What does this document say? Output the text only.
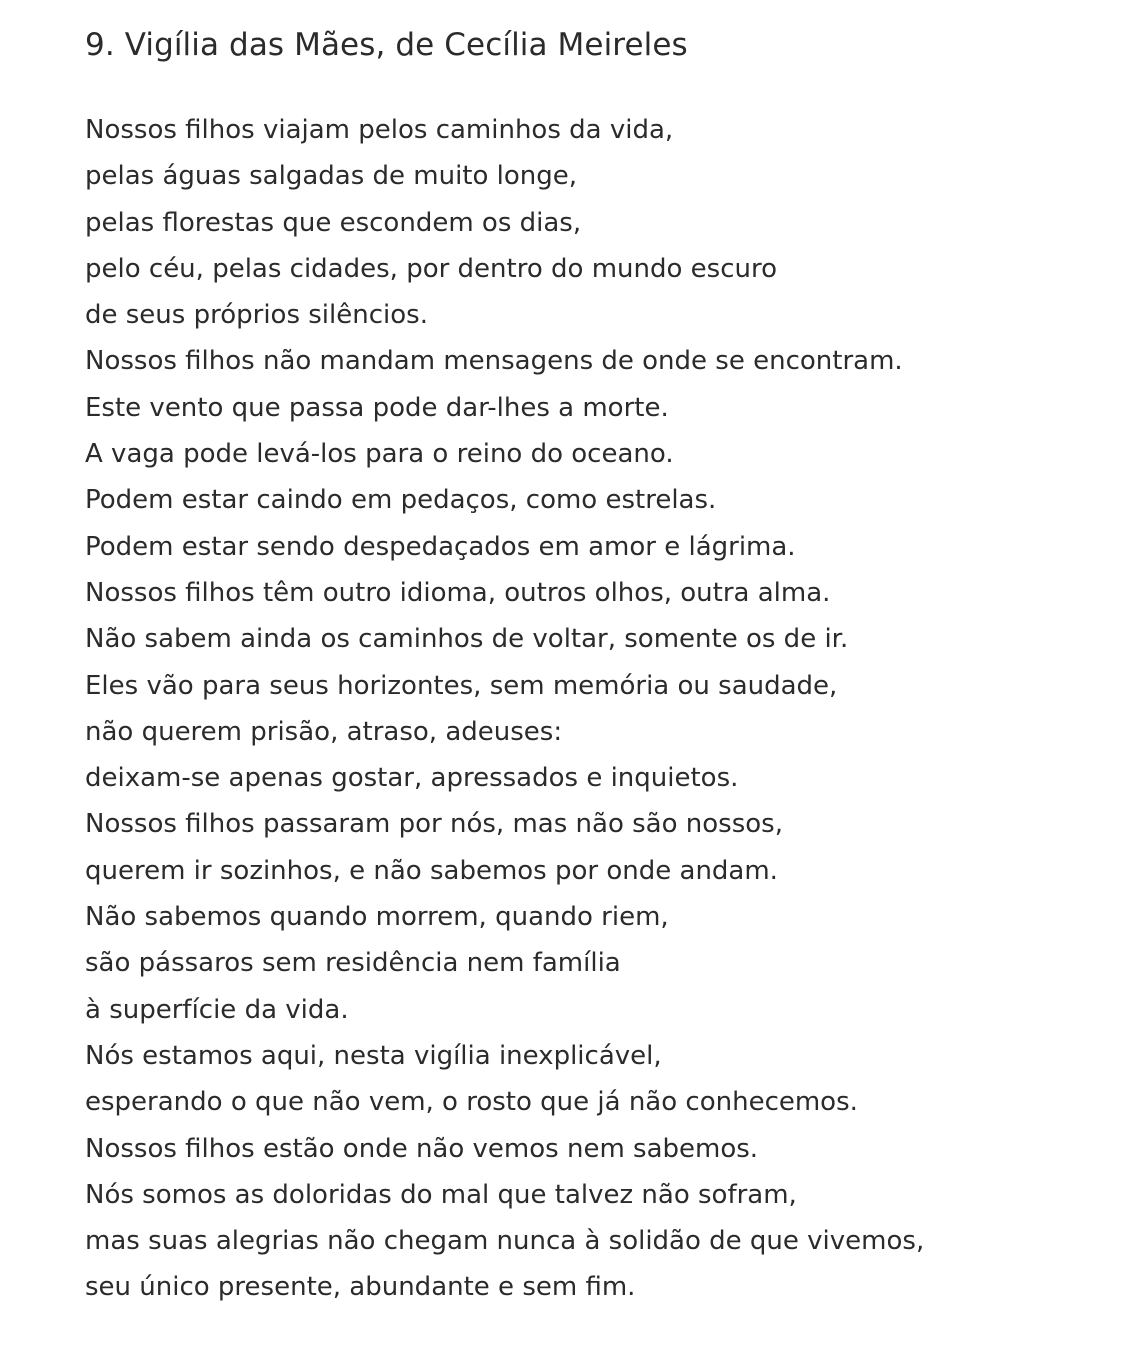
9. Vigília das Mães, de Cecília Meireles
Nossos filhos viajam pelos caminhos da vida,
pelas águas salgadas de muito longe,
pelas florestas que escondem os dias,
pelo céu, pelas cidades, por dentro do mundo escuro
de seus próprios silêncios.
Nossos filhos não mandam mensagens de onde se encontram.
Este vento que passa pode dar-lhes a morte.
A vaga pode levá-los para o reino do oceano.
Podem estar caindo em pedaços, como estrelas.
Podem estar sendo despedaçados em amor e lágrima.
Nossos filhos têm outro idioma, outros olhos, outra alma.
Não sabem ainda os caminhos de voltar, somente os de ir.
Eles vão para seus horizontes, sem memória ou saudade,
não querem prisão, atraso, adeuses:
deixam-se apenas gostar, apressados e inquietos.
Nossos filhos passaram por nós, mas não são nossos,
querem ir sozinhos, e não sabemos por onde andam.
Não sabemos quando morrem, quando riem,
são pássaros sem residência nem família
à superfície da vida.
Nós estamos aqui, nesta vigília inexplicável,
esperando o que não vem, o rosto que já não conhecemos.
Nossos filhos estão onde não vemos nem sabemos.
Nós somos as doloridas do mal que talvez não sofram,
mas suas alegrias não chegam nunca à solidão de que vivemos,
seu único presente, abundante e sem fim.
